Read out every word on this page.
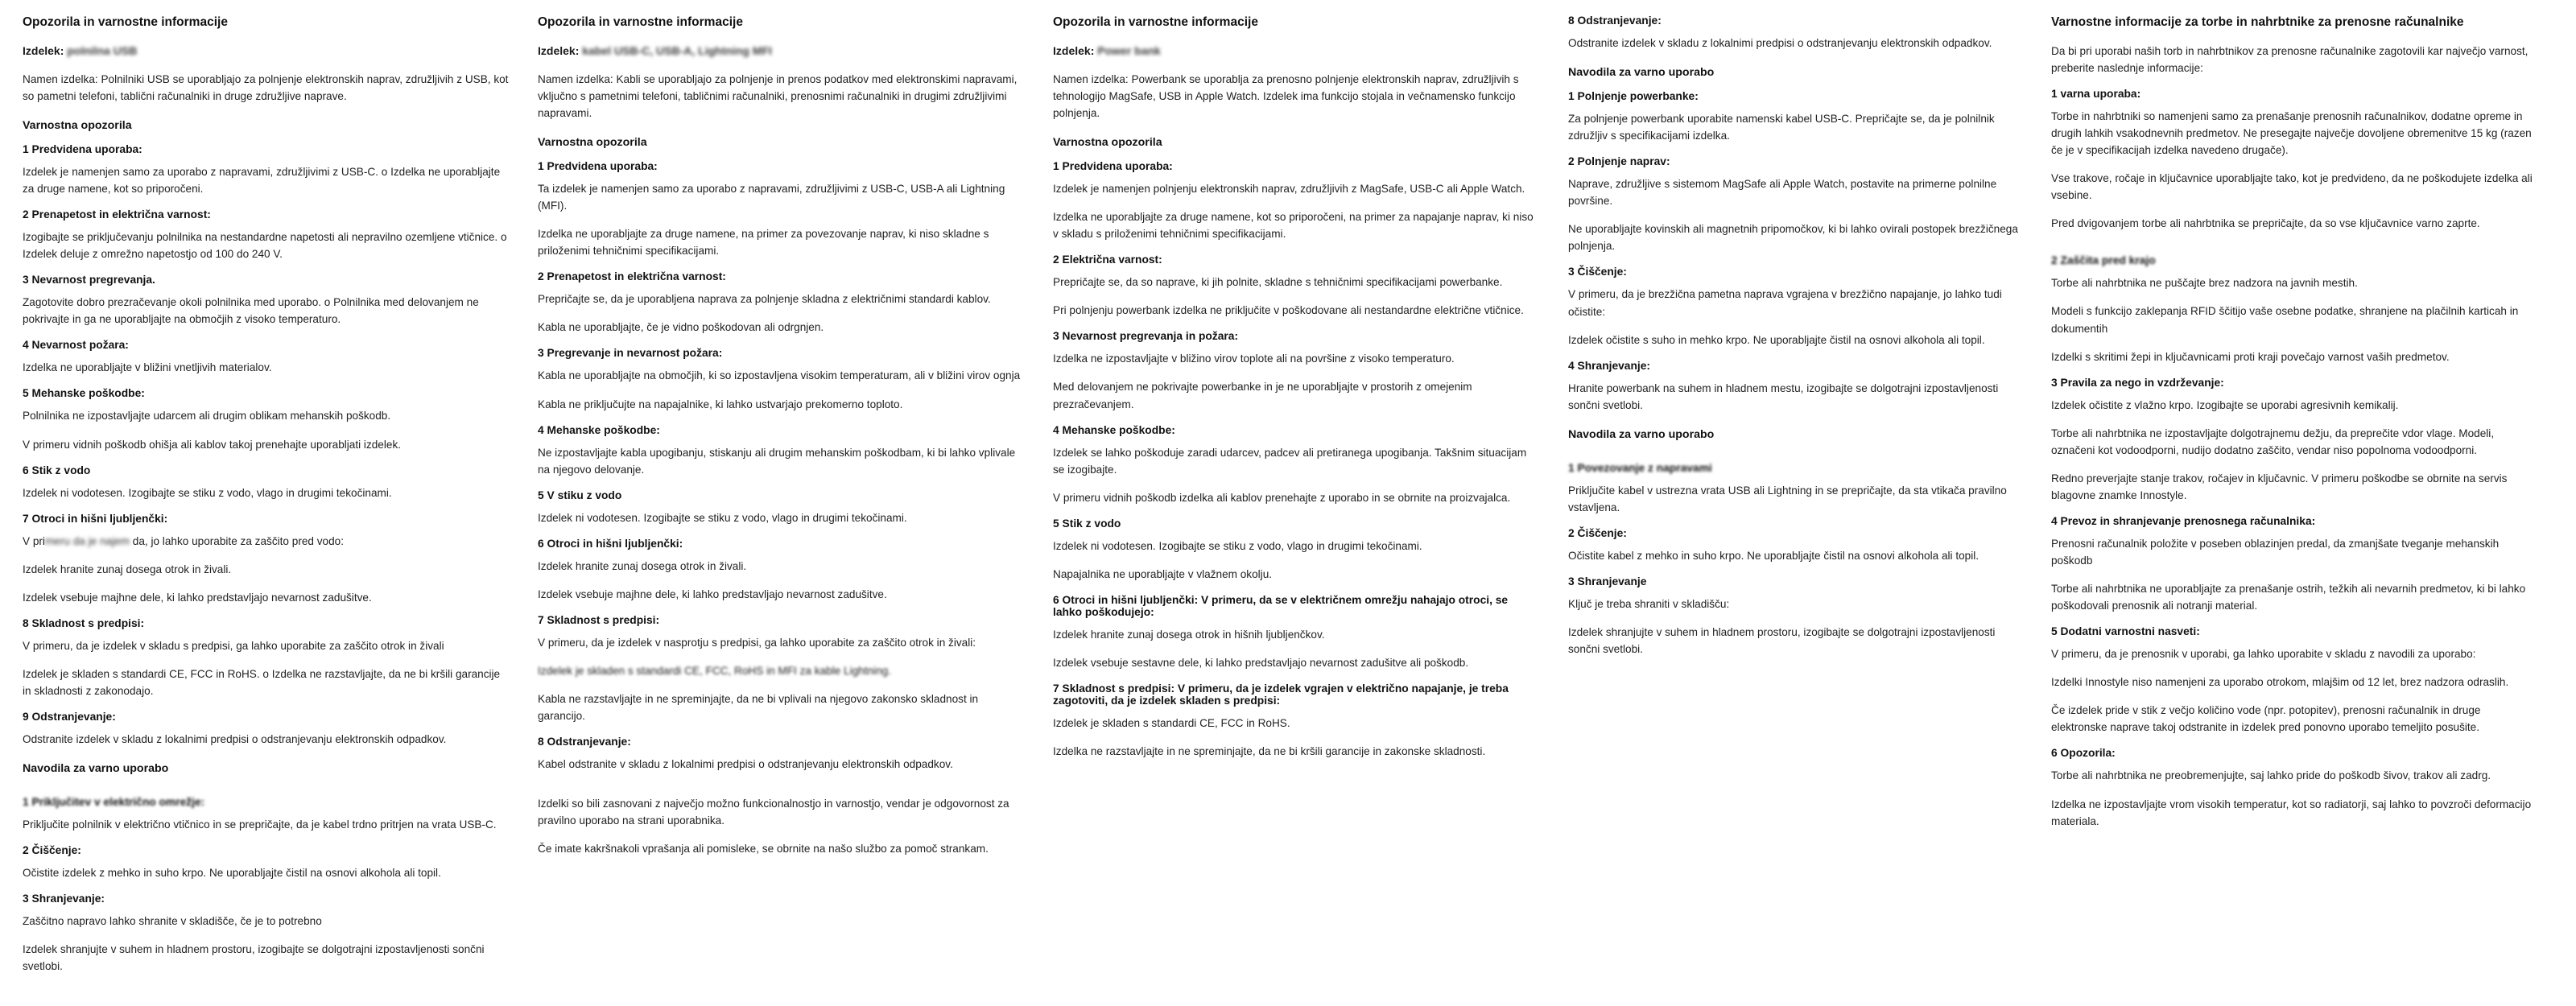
Opozorila in varnostne informacije
Izdelek: polnilna USB

Namen izdelka: Polnilniki USB se uporabljajo za polnjenje elektronskih naprav, združljivih z USB, kot so pametni telefoni, tablični računalniki in druge združljive naprave.

Varnostna opozorila
1 Predvidena uporaba:

Izdelek je namenjen samo za uporabo z napravami, združljivimi z USB-C. o Izdelka ne uporabljajte za druge namene, kot so priporočeni.

2 Prenapetost in električna varnost:

Izogibajte se priključevanju polnilnika na nestandardne napetosti ali nepravilno ozemljene vtičnice. o Izdelek deluje z omrežno napetostjo od 100 do 240 V.

3 Nevarnost pregrevanja.

Zagotovite dobro prezračevanje okoli polnilnika med uporabo. o Polnilnika med delovanjem ne pokrivajte in ga ne uporabljajte na območjih z visoko temperaturo.

4 Nevarnost požara:

Izdelka ne uporabljajte v bližini vnetljivih materialov.

5 Mehanske poškodbe:

Polnilnika ne izpostavljajte udarcem ali drugim oblikam mehanskih poškodb.

V primeru vidnih poškodb ohišja ali kablov takoj prenehajte uporabljati izdelek.

6 Stik z vodo

Izdelek ni vodotesen. Izogibajte se stiku z vodo, vlago in drugimi tekočinami.

7 Otroci in hišni ljubljenčki:

V primeru da je najem da, jo lahko uporabite za zaščito pred vodo:

Izdelek hranite zunaj dosega otrok in živali.

Izdelek vsebuje majhne dele, ki lahko predstavljajo nevarnost zadušitve.

8 Skladnost s predpisi:

V primeru, da je izdelek v skladu s predpisi, ga lahko uporabite za zaščito otrok in živali

Izdelek je skladen s standardi CE, FCC in RoHS. o Izdelka ne razstavljajte, da ne bi kršili garancije in skladnosti z zakonodajo.

9 Odstranjevanje:

Odstranite izdelek v skladu z lokalnimi predpisi o odstranjevanju elektronskih odpadkov.

Navodila za varno uporabo
1 Priključitev v električno omrežje:

Priključite polnilnik v električno vtičnico in se prepričajte, da je kabel trdno pritrjen na vrata USB-C.

2 Čiščenje:

Očistite izdelek z mehko in suho krpo. Ne uporabljajte čistil na osnovi alkohola ali topil.

3 Shranjevanje:

Zaščitno napravo lahko shranite v skladišče, če je to potrebno

Izdelek shranjujte v suhem in hladnem prostoru, izogibajte se dolgotrajni izpostavljenosti sončni svetlobi.

Opozorila in varnostne informacije
Izdelek: kabel USB-C, USB-A, Lightning MFI

Namen izdelka: Kabli se uporabljajo za polnjenje in prenos podatkov med elektronskimi napravami, vključno s pametnimi telefoni, tabličnimi računalniki, prenosnimi računalniki in drugimi združljivimi napravami.

Varnostna opozorila
1 Predvidena uporaba:

Ta izdelek je namenjen samo za uporabo z napravami, združljivimi z USB-C, USB-A ali Lightning (MFI).

Izdelka ne uporabljajte za druge namene, na primer za povezovanje naprav, ki niso skladne s priloženimi tehničnimi specifikacijami.

2 Prenapetost in električna varnost:

Prepričajte se, da je uporabljena naprava za polnjenje skladna z električnimi standardi kablov.

Kabla ne uporabljajte, če je vidno poškodovan ali odrgnjen.

3 Pregrevanje in nevarnost požara:

Kabla ne uporabljajte na območjih, ki so izpostavljena visokim temperaturam, ali v bližini virov ognja

Kabla ne priključujte na napajalnike, ki lahko ustvarjajo prekomerno toploto.

4 Mehanske poškodbe:

Ne izpostavljajte kabla upogibanju, stiskanju ali drugim mehanskim poškodbam, ki bi lahko vplivale na njegovo delovanje.

5 V stiku z vodo

Izdelek ni vodotesen. Izogibajte se stiku z vodo, vlago in drugimi tekočinami.

6 Otroci in hišni ljubljenčki:

Izdelek hranite zunaj dosega otrok in živali.

Izdelek vsebuje majhne dele, ki lahko predstavljajo nevarnost zadušitve.

7 Skladnost s predpisi:

V primeru, da je izdelek v nasprotju s predpisi, ga lahko uporabite za zaščito otrok in živali:

Izdelek je skladen s standardi CE, FCC, RoHS in MFI za kable Lightning.

Kabla ne razstavljajte in ne spreminjajte, da ne bi vplivali na njegovo zakonsko skladnost in garancijo.

8 Odstranjevanje:

Kabel odstranite v skladu z lokalnimi predpisi o odstranjevanju elektronskih odpadkov.

Izdelki so bili zasnovani z največjo možno funkcionalnostjo in varnostjo, vendar je odgovornost za pravilno uporabo na strani uporabnika.

Če imate kakršnakoli vprašanja ali pomislekе, se obrnite na našo službo za pomoč strankam.

Opozorila in varnostne informacije
Izdelek: Power bank

Namen izdelka: Powerbank se uporablja za prenosno polnjenje elektronskih naprav, združljivih s tehnologijo MagSafe, USB in Apple Watch. Izdelek ima funkcijo stojala in večnamensko funkcijo polnjenja.

Varnostna opozorila
1 Predvidena uporaba:

Izdelek je namenjen polnjenju elektronskih naprav, združljivih z MagSafe, USB-C ali Apple Watch.

Izdelka ne uporabljajte za druge namene, kot so priporočeni, na primer za napajanje naprav, ki niso v skladu s priloženimi tehničnimi specifikacijami.

2 Električna varnost:

Prepričajte se, da so naprave, ki jih polnite, skladne s tehničnimi specifikacijami powerbanke.

Pri polnjenju powerbank izdelka ne priključite v poškodovane ali nestandardne električne vtičnice.

3 Nevarnost pregrevanja in požara:

Izdelka ne izpostavljajte v bližino virov toplote ali na površine z visoko temperaturo.

Med delovanjem ne pokrivajte powerbanke in je ne uporabljajte v prostorih z omejenim prezračevanjem.

4 Mehanske poškodbe:

Izdelek se lahko poškoduje zaradi udarcev, padcev ali pretiranega upogibanja. Takšnim situacijam se izogibajte.

V primeru vidnih poškodb izdelka ali kablov prenehajte z uporabo in se obrnite na proizvajalca.

5 Stik z vodo

Izdelek ni vodotesen. Izogibajte se stiku z vodo, vlago in drugimi tekočinami.

Napajalnika ne uporabljajte v vlažnem okolju.

6 Otroci in hišni ljubljenčki: V primeru, da se v električnem omrežju nahajajo otroci, se lahko poškodujejo:

Izdelek hranite zunaj dosega otrok in hišnih ljubljenčkov.

Izdelek vsebuje sestavne dele, ki lahko predstavljajo nevarnost zadušitve ali poškodb.

7 Skladnost s predpisi: V primeru, da je izdelek vgrajen v električno napajanje, je treba zagotoviti, da je izdelek skladen s predpisi:

Izdelek je skladen s standardi CE, FCC in RoHS.

Izdelka ne razstavljajte in ne spreminjajte, da ne bi kršili garancije in zakonske skladnosti.

8 Odstranjevanje:

Odstranite izdelek v skladu z lokalnimi predpisi o odstranjevanju elektronskih odpadkov.

Navodila za varno uporabo
1 Polnjenje powerbanke:

Za polnjenje powerbank uporabite namenski kabel USB-C. Prepričajte se, da je polnilnik združljiv s specifikacijami izdelka.

2 Polnjenje naprav:

Naprave, združljive s sistemom MagSafe ali Apple Watch, postavite na primerne polnilne površine.

Ne uporabljajte kovinskih ali magnetnih pripomočkov, ki bi lahko ovirali postopek brezžičnega polnjenja.

3 Čiščenje:

V primeru, da je brezžična pametna naprava vgrajena v brezžično napajanje, jo lahko tudi očistite:

Izdelek očistite s suho in mehko krpo. Ne uporabljajte čistil na osnovi alkohola ali topil.

4 Shranjevanje:

Hranite powerbank na suhem in hladnem mestu, izogibajte se dolgotrajni izpostavljenosti sončni svetlobi.

Navodila za varno uporabo
1 Povezovanje z napravami

Priključite kabel v ustrezna vrata USB ali Lightning in se prepričajte, da sta vtikača pravilno vstavljena.

2 Čiščenje:

Očistite kabel z mehko in suho krpo. Ne uporabljajte čistil na osnovi alkohola ali topil.

3 Shranjevanje

Ključ je treba shraniti v skladišču:

Izdelek shranjujte v suhem in hladnem prostoru, izogibajte se dolgotrajni izpostavljenosti sončni svetlobi.

Varnostne informacije za torbe in nahrbtnike za prenosne računalnike

Da bi pri uporabi naših torb in nahrbtnikov za prenosne računalnike zagotovili kar največjo varnost, preberite naslednje informacije:

1 varna uporaba:

Torbe in nahrbtniki so namenjeni samo za prenašanje prenosnih računalnikov, dodatne opreme in drugih lahkih vsakodnevnih predmetov. Ne presegajte največje dovoljene obremenitve 15 kg (razen če je v specifikacijah izdelka navedeno drugače).

Vse trakove, ročaje in ključavnice uporabljajte tako, kot je predvideno, da ne poškodujete izdelka ali vsebine.

Pred dvigovanjem torbe ali nahrbtnika se prepričajte, da so vse ključavnice varno zaprte.

2 Zaščita pred krajo

Torbe ali nahrbtnika ne puščajte brez nadzora na javnih mestih.

Modeli s funkcijo zaklepanja RFID ščitijo vaše osebne podatke, shranjene na plačilnih karticah in dokumentih

Izdelki s skritimi žepi in ključavnicami proti kraji povečajo varnost vaših predmetov.

3 Pravila za nego in vzdrževanje:

Izdelek očistite z vlažno krpo. Izogibajte se uporabi agresivnih kemikalij.

Torbe ali nahrbtnika ne izpostavljajte dolgotrajnemu dežju, da preprečite vdor vlage. Modeli, označeni kot vodoodporni, nudijo dodatno zaščito, vendar niso popolnoma vodoodporni.

Redno preverjajte stanje trakov, ročajev in ključavnic. V primeru poškodbe se obrnite na servis blagovne znamke Innostyle.

4 Prevoz in shranjevanje prenosnega računalnika:

Prenosni računalnik položite v poseben oblazinjen predal, da zmanjšate tveganje mehanskih poškodb

Torbe ali nahrbtnika ne uporabljajte za prenašanje ostrih, težkih ali nevarnih predmetov, ki bi lahko poškodovali prenosnik ali notranji material.

5 Dodatni varnostni nasveti:

V primeru, da je prenosnik v uporabi, ga lahko uporabite v skladu z navodili za uporabo:

Izdelki Innostyle niso namenjeni za uporabo otrokom, mlajšim od 12 let, brez nadzora odraslih.

Če izdelek pride v stik z večjo količino vode (npr. potopitev), prenosni računalnik in druge elektronske naprave takoj odstranite in izdelek pred ponovno uporabo temeljito posušite.

6 Opozorila:

Torbe ali nahrbtnika ne preobremenjujte, saj lahko pride do poškodb šivov, trakov ali zadrg.

Izdelka ne izpostavljajte vrom visokih temperatur, kot so radiatorji, saj lahko to povzroči deformacijo materiala.
